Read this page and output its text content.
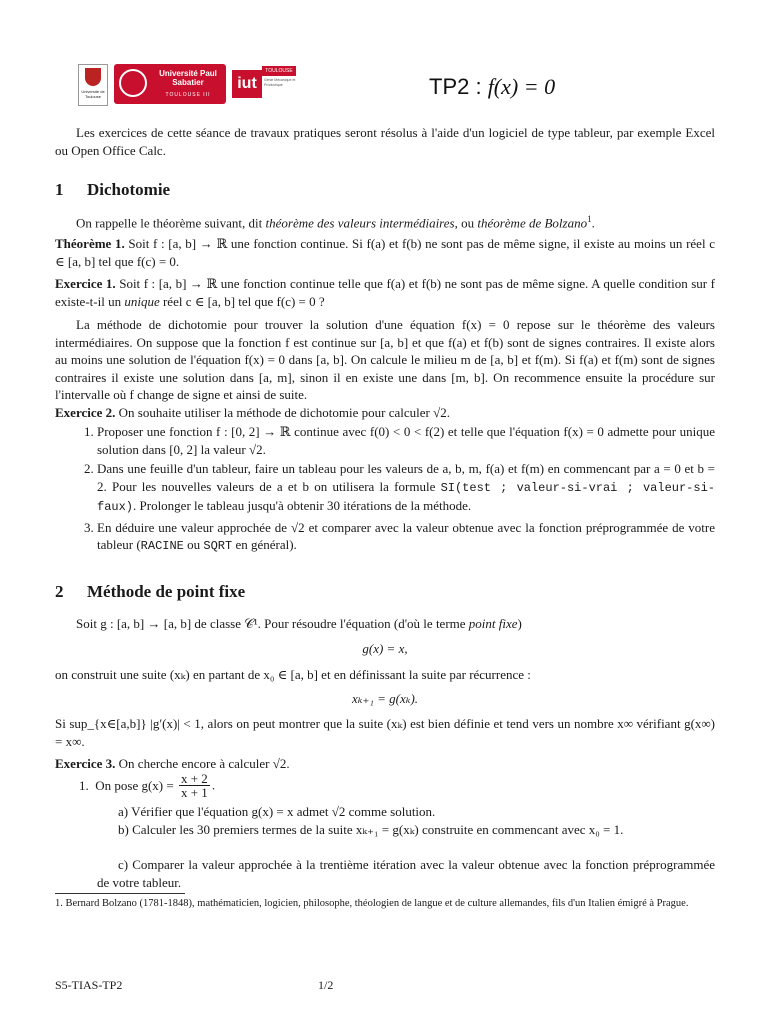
Université de Toulouse
Université Paul Sabatier
TOULOUSE III
iut
TOULOUSE
Génie Mécanique et Productique	TP2 : f(x) = 0

Les exercices de cette séance de travaux pratiques seront résolus à l'aide d'un logiciel de type tableur, par exemple Excel ou Open Office Calc.

1 Dichotomie

On rappelle le théorème suivant, dit théorème des valeurs intermédiaires, ou théorème de Bolzano$^1$.

Théorème 1. Soit f : [a, b] → ℝ une fonction continue. Si f(a) et f(b) ne sont pas de même signe, il existe au moins un réel c ∈ [a, b] tel que f(c) = 0.

Exercice 1. Soit f : [a, b] → ℝ une fonction continue telle que f(a) et f(b) ne sont pas de même signe. A quelle condition sur f existe-t-il un unique réel c ∈ [a, b] tel que f(c) = 0 ?

La méthode de dichotomie pour trouver la solution d'une équation f(x) = 0 repose sur le théorème des valeurs intermédiaires. On suppose que la fonction f est continue sur [a, b] et que f(a) et f(b) sont de signes contraires. Il existe alors au moins une solution de l'équation f(x) = 0 dans [a, b]. On calcule le milieu m de [a, b] et f(m). Si f(a) et f(m) sont de signes contraires il existe une solution dans [a, m], sinon il en existe une dans [m, b]. On recommence ensuite la procédure sur l'intervalle où f change de signe et ainsi de suite.

Exercice 2. On souhaite utiliser la méthode de dichotomie pour calculer √2.

1. Proposer une fonction f : [0, 2] → ℝ continue avec f(0) < 0 < f(2) et telle que l'équation f(x) = 0 admette pour unique solution dans [0, 2] la valeur √2.
2. Dans une feuille d'un tableur, faire un tableau pour les valeurs de a, b, m, f(a) et f(m) en commencant par a = 0 et b = 2. Pour les nouvelles valeurs de a et b on utilisera la formule SI(test ; valeur-si-vrai ; valeur-si-faux). Prolonger le tableau jusqu'à obtenir 30 itérations de la méthode.
3. En déduire une valeur approchée de √2 et comparer avec la valeur obtenue avec la fonction préprogrammée de votre tableur (RACINE ou SQRT en général).
2 Méthode de point fixe

Soit g : [a, b] → [a, b] de classe 𝒞¹. Pour résoudre l'équation (d'où le terme point fixe)

g(x) = x,

on construit une suite (xₖ) en partant de x₀ ∈ [a, b] et en définissant la suite par récurrence :

xₖ₊₁ = g(xₖ).

Si sup_{x∈[a,b]} |g′(x)| < 1, alors on peut montrer que la suite (xₖ) est bien définie et tend vers un nombre x∞ vérifiant g(x∞) = x∞.

Exercice 3. On cherche encore à calculer √2.

1.  On pose $g(x) = \frac{x + 2}{x + 1}$ .

a) Vérifier que l'équation g(x) = x admet √2 comme solution.

b) Calculer les 30 premiers termes de la suite xₖ₊₁ = g(xₖ) construite en commencant avec x₀ = 1.

c) Comparer la valeur approchée à la trentième itération avec la valeur obtenue avec la fonction préprogrammée de votre tableur.

1. Bernard Bolzano (1781-1848), mathématicien, logicien, philosophe, théologien de langue et de culture allemandes, fils d'un Italien émigré à Prague.

S5-TIAS-TP2	1/2
